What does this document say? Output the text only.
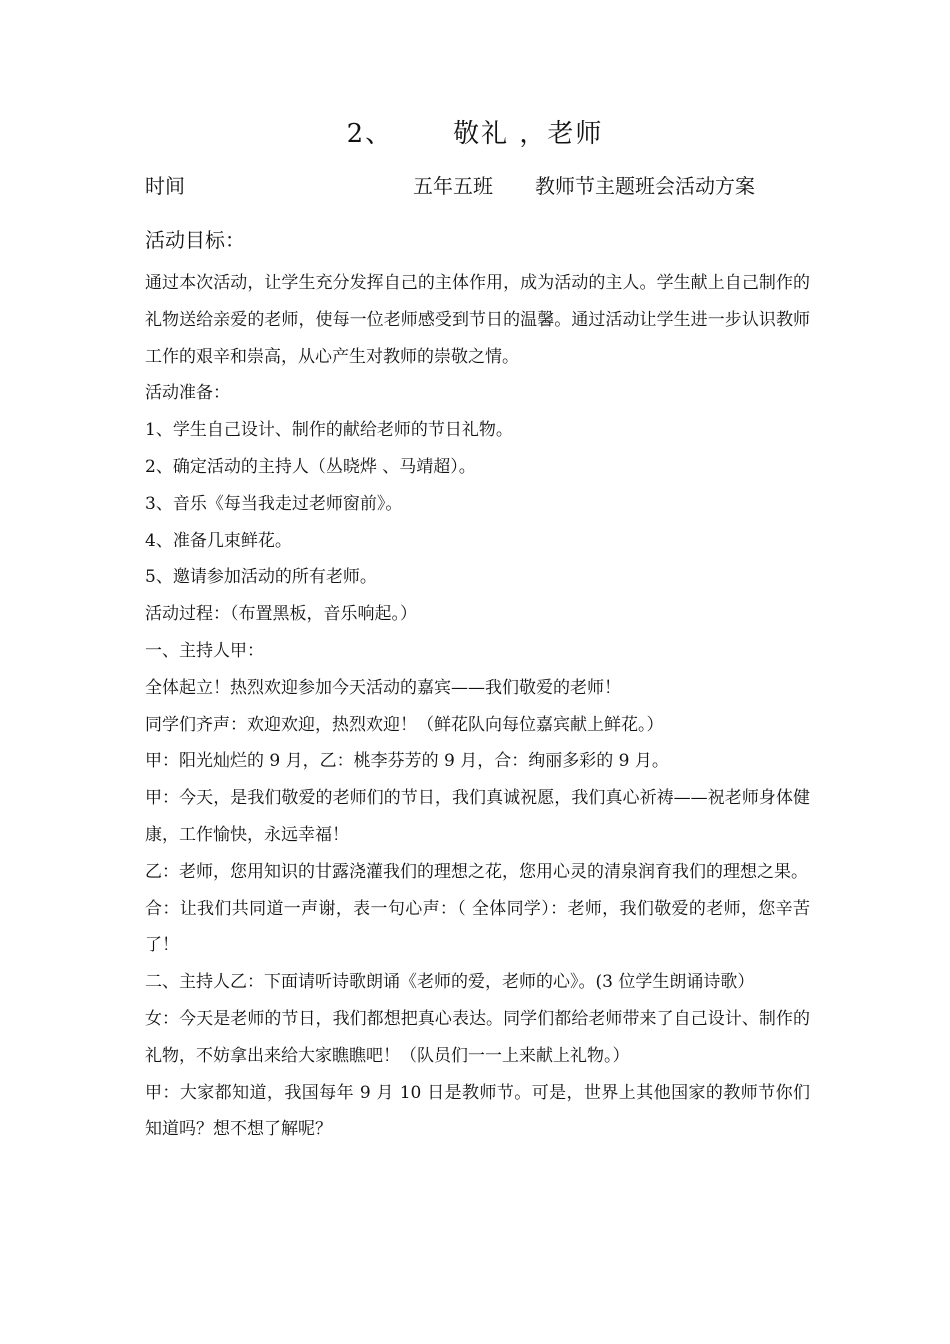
2、 敬礼 ，老师
时间	五年五班 教师节主题班会活动方案
活动目标：

通过本次活动，让学生充分发挥自己的主体作用，成为活动的主人。学生献上自己制作的礼物送给亲爱的老师，使每一位老师感受到节日的温馨。通过活动让学生进一步认识教师工作的艰辛和崇高，从心产生对教师的崇敬之情。

活动准备：

1、学生自己设计、制作的献给老师的节日礼物。

2、确定活动的主持人（丛晓烨 、马靖超）。

3、音乐《每当我走过老师窗前》。

4、准备几束鲜花。

5、邀请参加活动的所有老师。

活动过程：（布置黑板，音乐响起。）

一、主持人甲：

全体起立！热烈欢迎参加今天活动的嘉宾——我们敬爱的老师！

同学们齐声：欢迎欢迎，热烈欢迎！（鲜花队向每位嘉宾献上鲜花。）

甲：阳光灿烂的 9 月，乙：桃李芬芳的 9 月，合：绚丽多彩的 9 月。

甲：今天，是我们敬爱的老师们的节日，我们真诚祝愿，我们真心祈祷——祝老师身体健康，工作愉快，永远幸福！

乙：老师，您用知识的甘露浇灌我们的理想之花，您用心灵的清泉润育我们的理想之果。

合：让我们共同道一声谢，表一句心声：（ 全体同学）：老师，我们敬爱的老师，您辛苦了！

二、主持人乙：下面请听诗歌朗诵《老师的爱，老师的心》。(3 位学生朗诵诗歌）

女：今天是老师的节日，我们都想把真心表达。同学们都给老师带来了自己设计、制作的礼物，不妨拿出来给大家瞧瞧吧！（队员们一一上来献上礼物。）

甲：大家都知道，我国每年 9 月 10 日是教师节。可是，世界上其他国家的教师节你们知道吗？想不想了解呢？
